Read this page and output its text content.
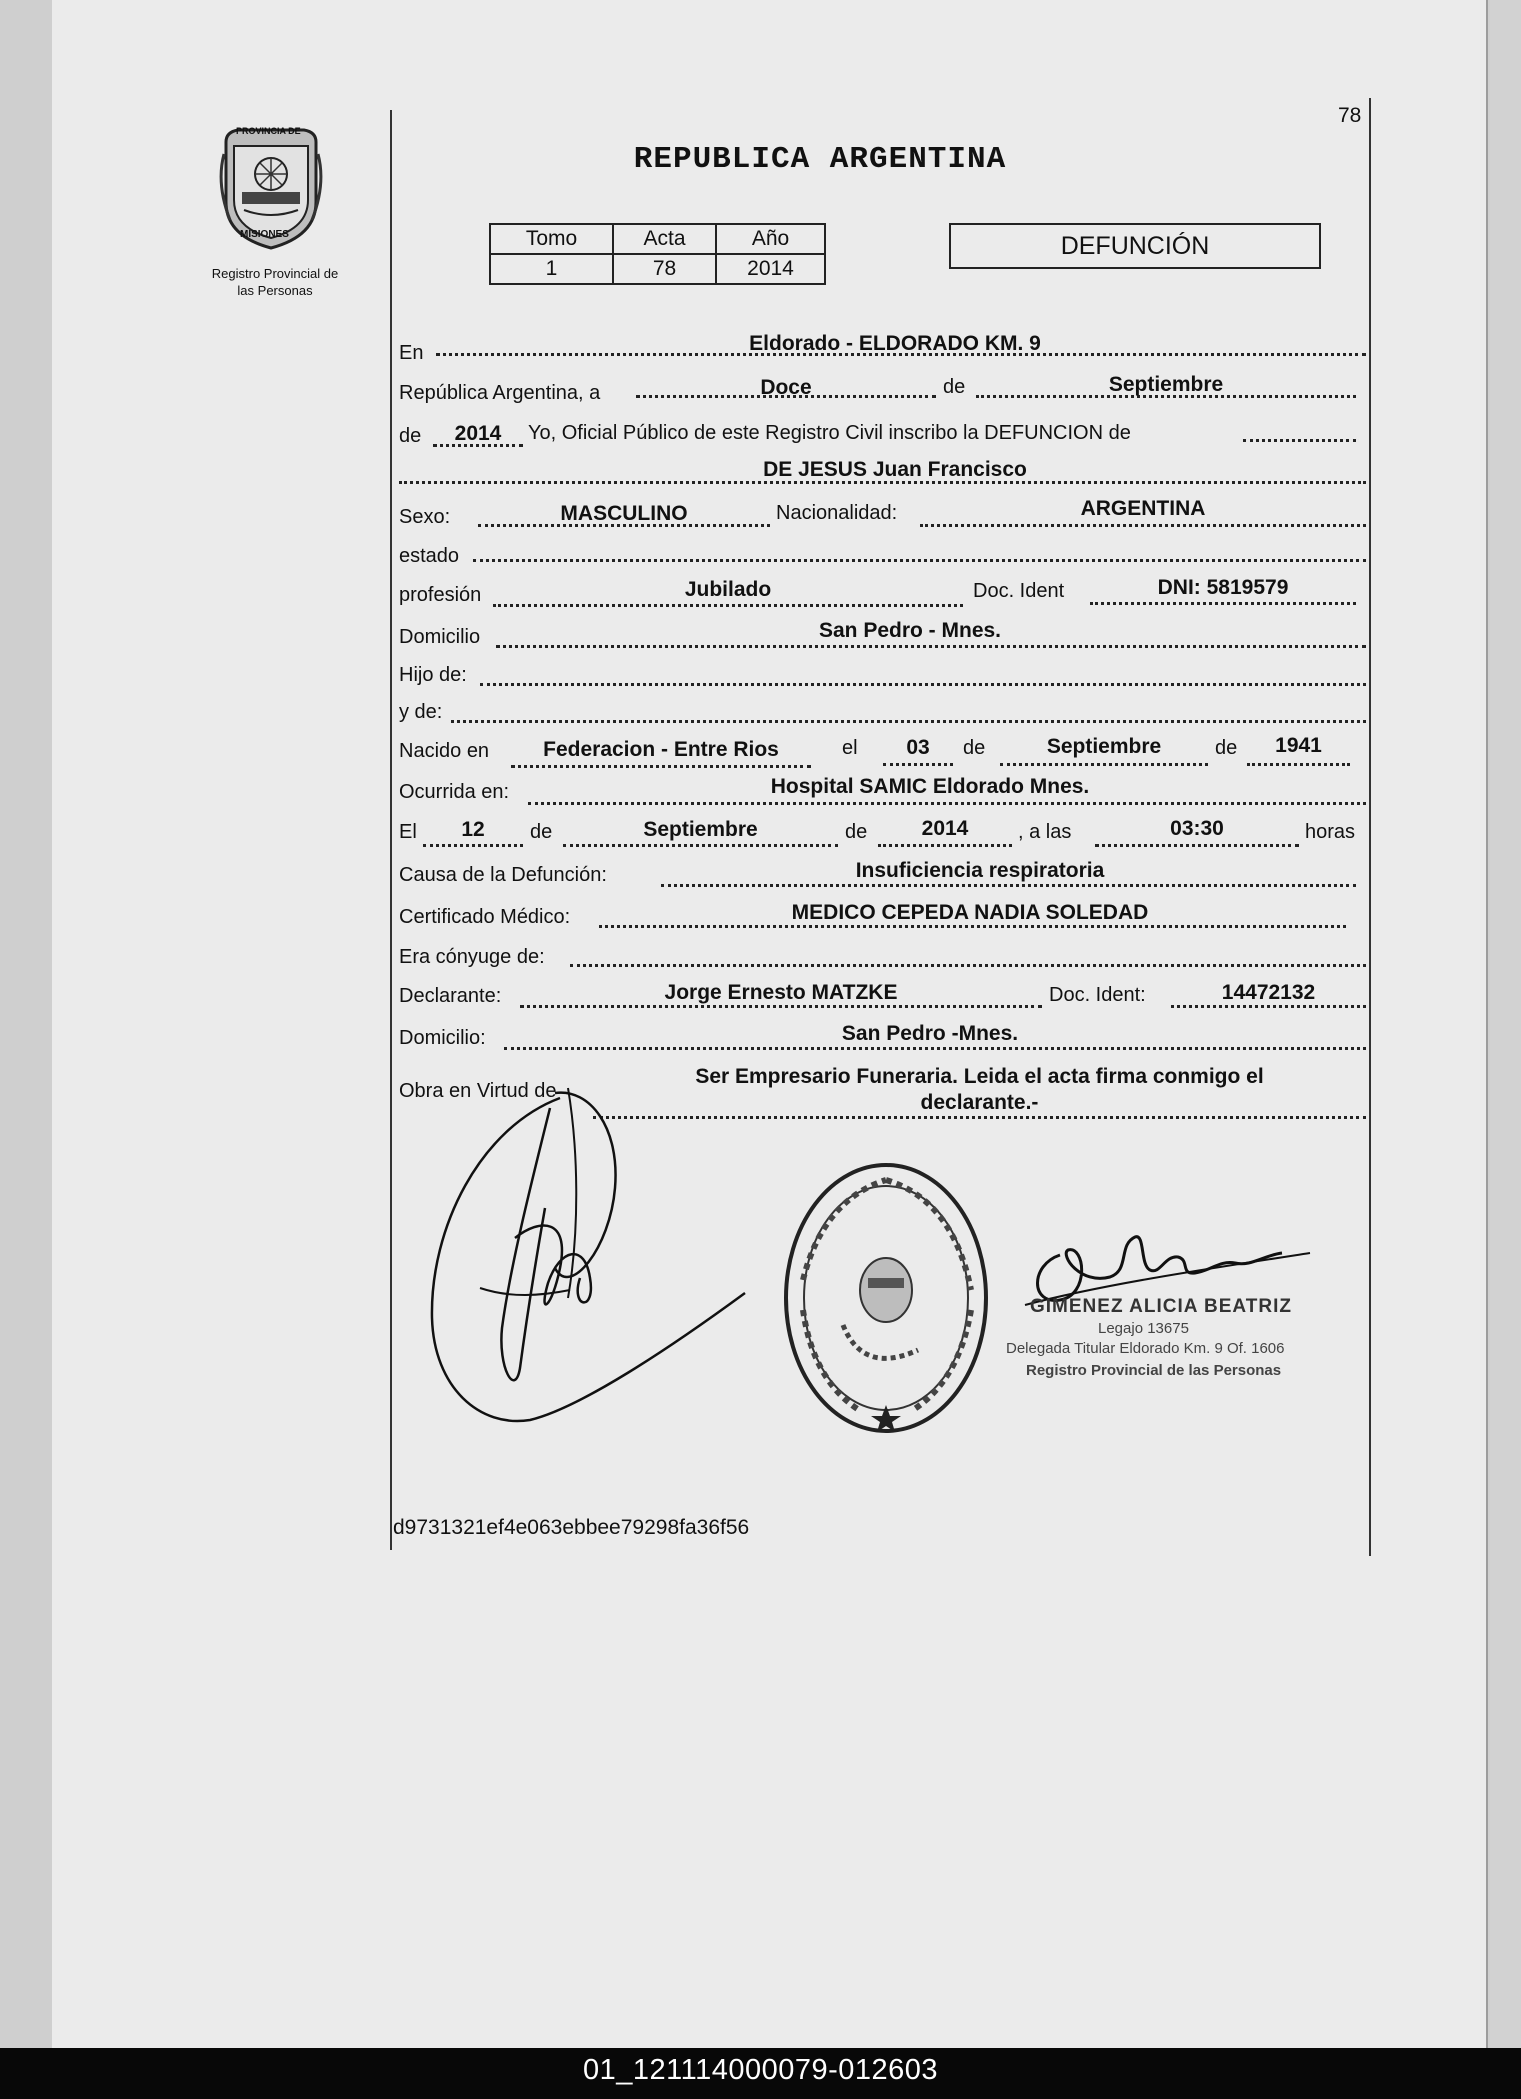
78
PROVINCIA DE
MISIONES
Registro Provincial de
las Personas
REPUBLICA ARGENTINA
Tomo	Acta	Año
1	78	2014
DEFUNCIÓN
En	Eldorado - ELDORADO KM. 9
República Argentina, a	Doce	de	Septiembre
de	2014	Yo, Oficial Público de este Registro Civil inscribo la DEFUNCION de
DE JESUS Juan Francisco
Sexo:	MASCULINO	Nacionalidad:	ARGENTINA
estado
profesión	Jubilado	Doc. Ident	DNI: 5819579
Domicilio	San Pedro - Mnes.
Hijo de:
y de:
Nacido en	Federacion - Entre Rios	el	03	de	Septiembre	de	1941
Ocurrida en:	Hospital SAMIC Eldorado Mnes.
El	12	de	Septiembre	de	2014	, a las	03:30	horas
Causa de la Defunción:	Insuficiencia respiratoria
Certificado Médico:	MEDICO CEPEDA NADIA SOLEDAD
Era cónyuge de:
Declarante:	Jorge Ernesto MATZKE	Doc. Ident:	14472132
Domicilio:	San Pedro -Mnes.
Obra en Virtud de
Ser Empresario Funeraria. Leida el acta firma conmigo el
declarante.-
GIMENEZ ALICIA BEATRIZ
Legajo 13675
Delegada Titular Eldorado Km. 9 Of. 1606
Registro Provincial de las Personas
d9731321ef4e063ebbee79298fa36f56
01_121114000079-012603
